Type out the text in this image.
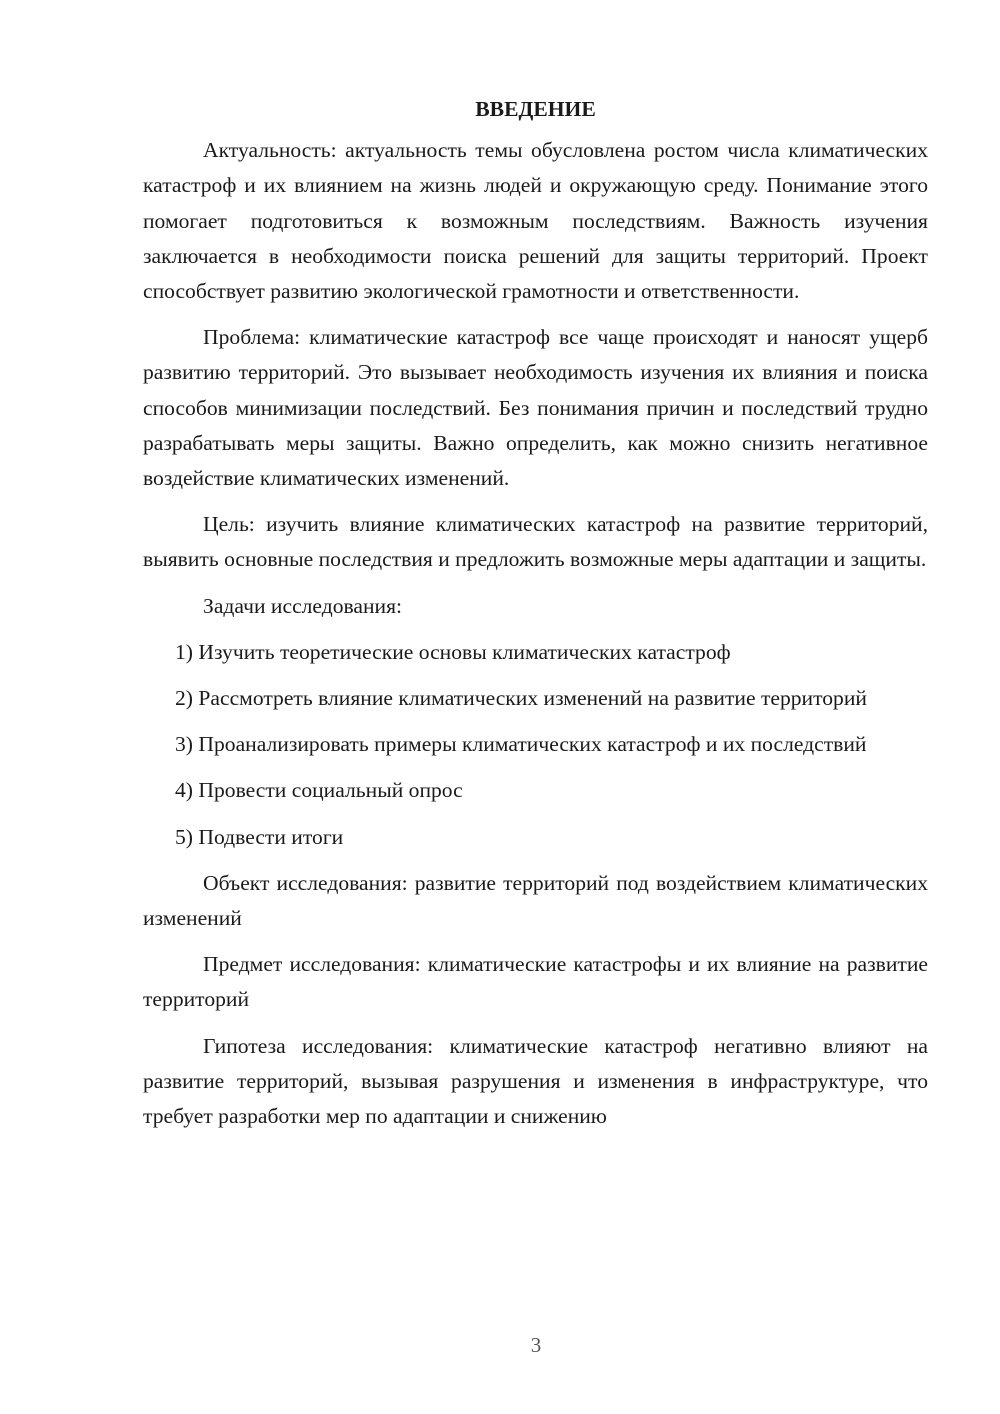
ВВЕДЕНИЕ

Актуальность: актуальность темы обусловлена ростом числа климатических катастроф и их влиянием на жизнь людей и окружающую среду. Понимание этого помогает подготовиться к возможным последствиям. Важность изучения заключается в необходимости поиска решений для защиты территорий. Проект способствует развитию экологической грамотности и ответственности.

Проблема: климатические катастроф все чаще происходят и наносят ущерб развитию территорий. Это вызывает необходимость изучения их влияния и поиска способов минимизации последствий. Без понимания причин и последствий трудно разрабатывать меры защиты. Важно определить, как можно снизить негативное воздействие климатических изменений.

Цель: изучить влияние климатических катастроф на развитие территорий, выявить основные последствия и предложить возможные меры адаптации и защиты.

Задачи исследования:

1) Изучить теоретические основы климатических катастроф

2) Рассмотреть влияние климатических изменений на развитие территорий

3) Проанализировать примеры климатических катастроф и их последствий

4) Провести социальный опрос

5) Подвести итоги

Объект исследования: развитие территорий под воздействием климатических изменений

Предмет исследования: климатические катастрофы и их влияние на развитие территорий

Гипотеза исследования: климатические катастроф негативно влияют на развитие территорий, вызывая разрушения и изменения в инфраструктуре, что требует разработки мер по адаптации и снижению

3
